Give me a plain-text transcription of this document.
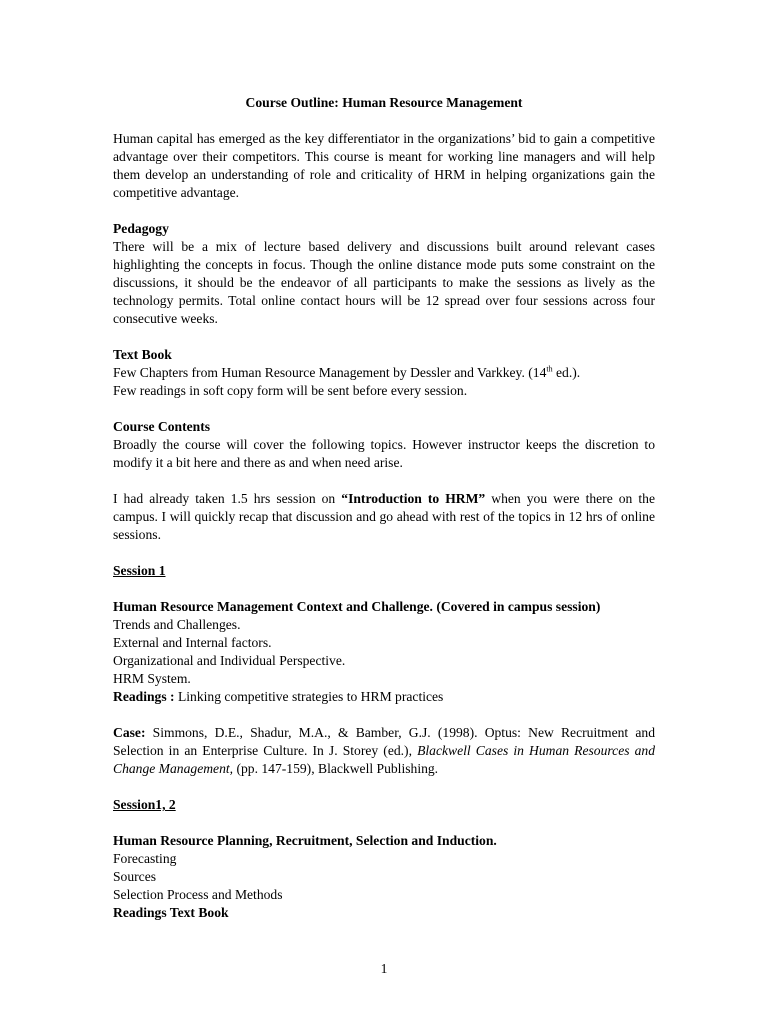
Course Outline: Human Resource Management

Human capital has emerged as the key differentiator in the organizations’ bid to gain a competitive advantage over their competitors. This course is meant for working line managers and will help them develop an understanding of role and criticality of HRM in helping organizations gain the competitive advantage.

Pedagogy
There will be a mix of lecture based delivery and discussions built around relevant cases highlighting the concepts in focus. Though the online distance mode puts some constraint on the discussions, it should be the endeavor of all participants to make the sessions as lively as the technology permits. Total online contact hours will be 12 spread over four sessions across four consecutive weeks.

Text Book
Few Chapters from Human Resource Management by Dessler and Varkkey. (14th ed.).
Few readings in soft copy form will be sent before every session.

Course Contents
Broadly the course will cover the following topics. However instructor keeps the discretion to modify it a bit here and there as and when need arise.

I had already taken 1.5 hrs session on “Introduction to HRM” when you were there on the campus. I will quickly recap that discussion and go ahead with rest of the topics in 12 hrs of online sessions.

Session 1
Human Resource Management Context and Challenge. (Covered in campus session)
Trends and Challenges.
External and Internal factors.
Organizational and Individual Perspective.
HRM System.
Readings : Linking competitive strategies to HRM practices

Case: Simmons, D.E., Shadur, M.A., & Bamber, G.J. (1998). Optus: New Recruitment and Selection in an Enterprise Culture. In J. Storey (ed.), Blackwell Cases in Human Resources and Change Management, (pp. 147-159), Blackwell Publishing.

Session1, 2
Human Resource Planning, Recruitment, Selection and Induction.
Forecasting
Sources
Selection Process and Methods
Readings Text Book
1
